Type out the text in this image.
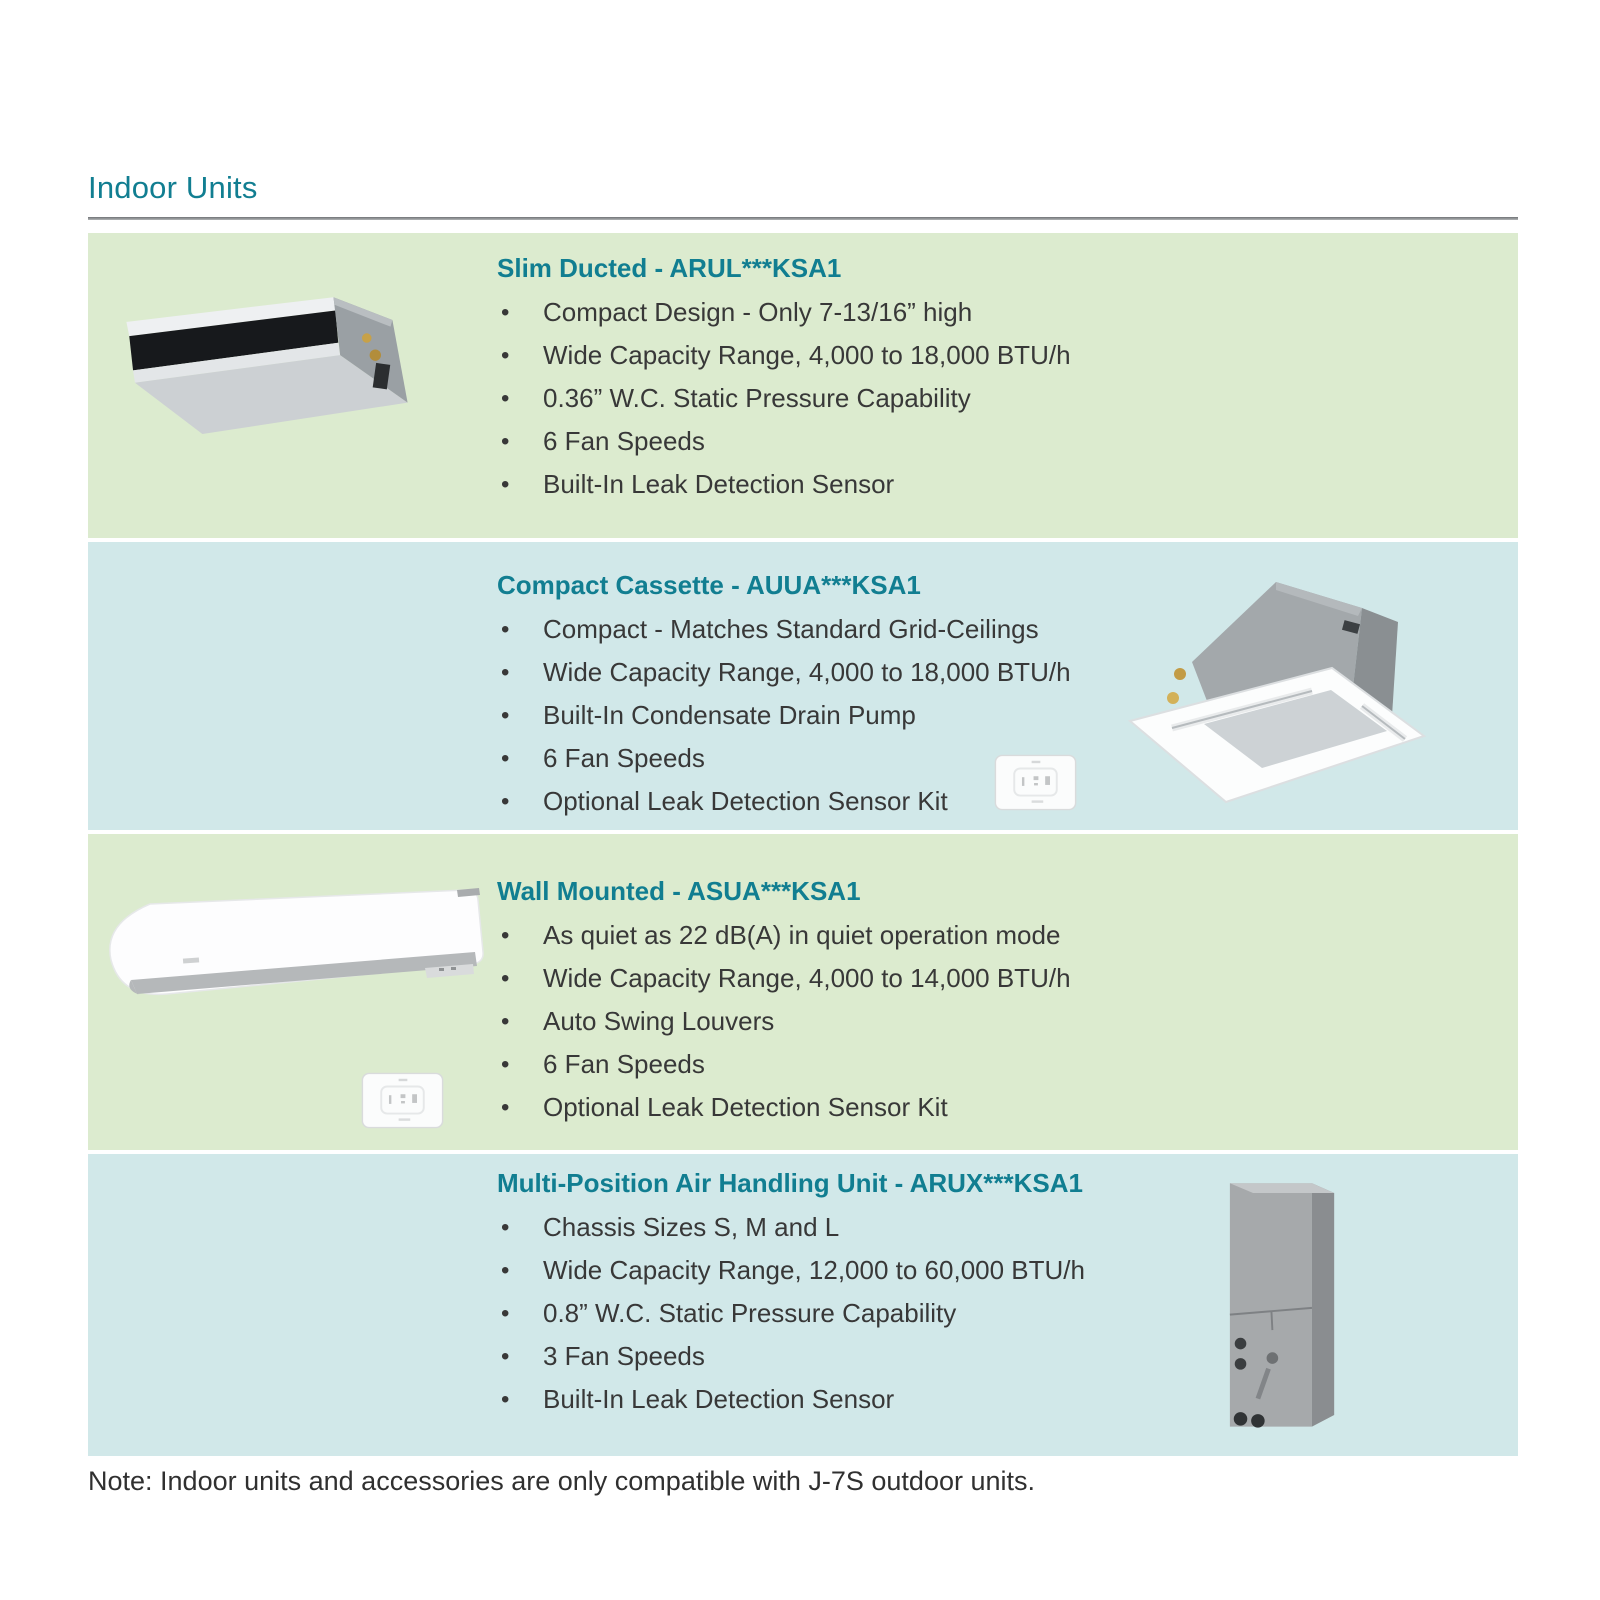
Indoor Units
Slim Ducted - ARUL***KSA1
• Compact Design - Only 7-13/16” high
• Wide Capacity Range, 4,000 to 18,000 BTU/h
• 0.36” W.C. Static Pressure Capability
• 6 Fan Speeds
• Built-In Leak Detection Sensor
Compact Cassette - AUUA***KSA1
• Compact - Matches Standard Grid-Ceilings
• Wide Capacity Range, 4,000 to 18,000 BTU/h
• Built-In Condensate Drain Pump
• 6 Fan Speeds
• Optional Leak Detection Sensor Kit
Wall Mounted - ASUA***KSA1
• As quiet as 22 dB(A) in quiet operation mode
• Wide Capacity Range, 4,000 to 14,000 BTU/h
• Auto Swing Louvers
• 6 Fan Speeds
• Optional Leak Detection Sensor Kit
Multi-Position Air Handling Unit - ARUX***KSA1
• Chassis Sizes S, M and L
• Wide Capacity Range, 12,000 to 60,000 BTU/h
• 0.8” W.C. Static Pressure Capability
• 3 Fan Speeds
• Built-In Leak Detection Sensor

Note: Indoor units and accessories are only compatible with J-7S outdoor units.
